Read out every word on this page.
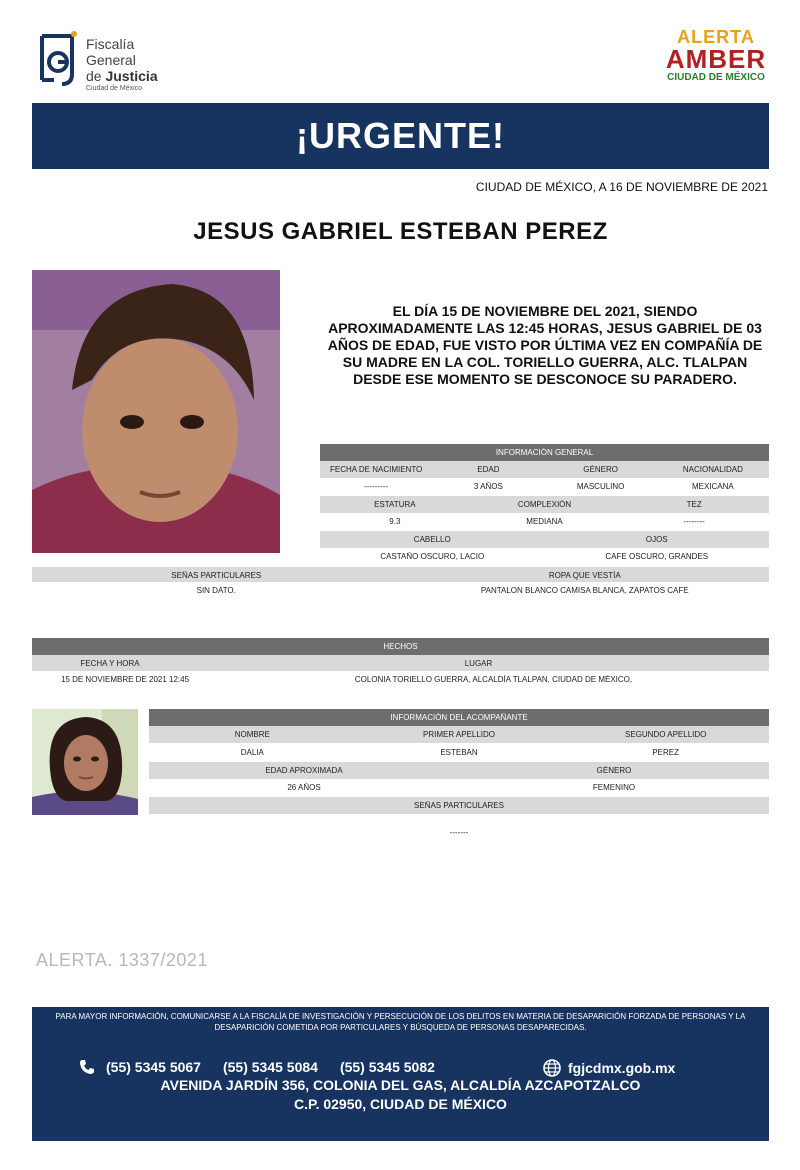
Fiscalía
General
de Justicia
Ciudad de México
ALERTA
AMBER
CIUDAD DE MÉXICO
¡URGENTE!
CIUDAD DE MÉXICO, A 16 DE NOVIEMBRE DE 2021
JESUS GABRIEL ESTEBAN PEREZ
EL DÍA 15 DE NOVIEMBRE DEL 2021, SIENDO APROXIMADAMENTE LAS 12:45 HORAS, JESUS GABRIEL DE 03 AÑOS DE EDAD, FUE VISTO POR ÚLTIMA VEZ EN COMPAÑÍA DE SU MADRE EN LA COL. TORIELLO GUERRA, ALC. TLALPAN DESDE ESE MOMENTO SE DESCONOCE SU PARADERO.
INFORMACIÓN GENERAL
FECHA DE NACIMIENTO	EDAD	GÉNERO	NACIONALIDAD
---------	3 AÑOS	MASCULINO	MEXICANA
ESTATURA	COMPLEXIÓN	TEZ
9.3	MEDIANA	--------
CABELLO	OJOS
CASTAÑO OSCURO, LACIO	CAFE OSCURO, GRANDES
SEÑAS PARTICULARES	ROPA QUE VESTÍA
SIN DATO.	PANTALON BLANCO CAMISA BLANCA, ZAPATOS CAFE
HECHOS
FECHA Y HORA	LUGAR
15 DE NOVIEMBRE DE 2021 12:45	COLONIA TORIELLO GUERRA, ALCALDÍA TLALPAN, CIUDAD DE MÉXICO,
INFORMACIÓN DEL ACOMPAÑANTE
NOMBRE	PRIMER APELLIDO	SEGUNDO APELLIDO
DALIA	ESTEBAN	PEREZ
EDAD APROXIMADA	GÉNERO
26 AÑOS	FEMENINO
SEÑAS PARTICULARES
-------
ALERTA. 1337/2021
PARA MAYOR INFORMACIÓN, COMUNICARSE A LA FISCALÍA DE INVESTIGACIÓN Y PERSECUCIÓN DE LOS DELITOS EN MATERIA DE DESAPARICIÓN FORZADA DE PERSONAS Y LA DESAPARICIÓN COMETIDA POR PARTICULARES Y BÚSQUEDA DE PERSONAS DESAPARECIDAS.
(55) 5345 5067 (55) 5345 5084 (55) 5345 5082	fgjcdmx.gob.mx
AVENIDA JARDÍN 356, COLONIA DEL GAS, ALCALDÍA AZCAPOTZALCO
C.P. 02950, CIUDAD DE MÉXICO
